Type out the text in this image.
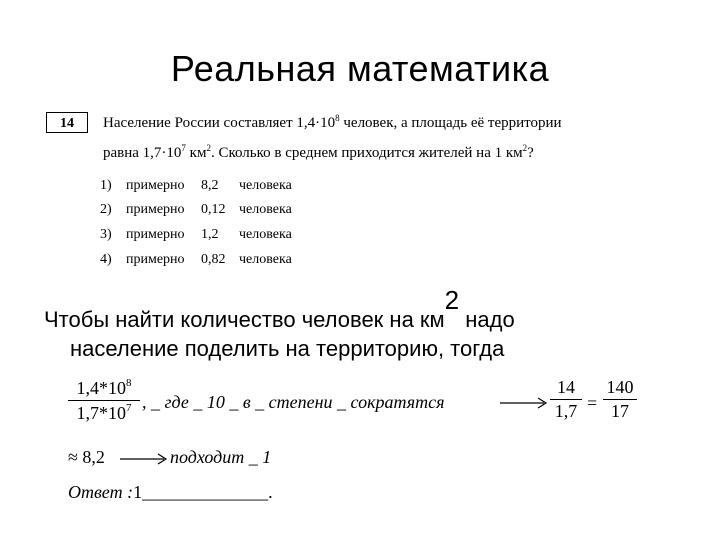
Реальная математика
14	Население России составляет $1,4\cdot 10^8$ человек, а площадь её территории
равна $1,7\cdot 10^7$ $км^2$. Сколько в среднем приходится жителей на 1 $км^2$?
1) примерно 8,2 человека
2) примерно 0,12 человека
3) примерно 1,2 человека
4) примерно 0,82 человека
Чтобы найти количество человек на км2 надо
население поделить на территорию, тогда
$1,4*10^8$
$1,7*10^7$ , _ где _ 10 _ в _ степени _ сократятся
14
1,7 =
140
17
≈ 8,2	подходит _ 1
Ответ :1______________.
